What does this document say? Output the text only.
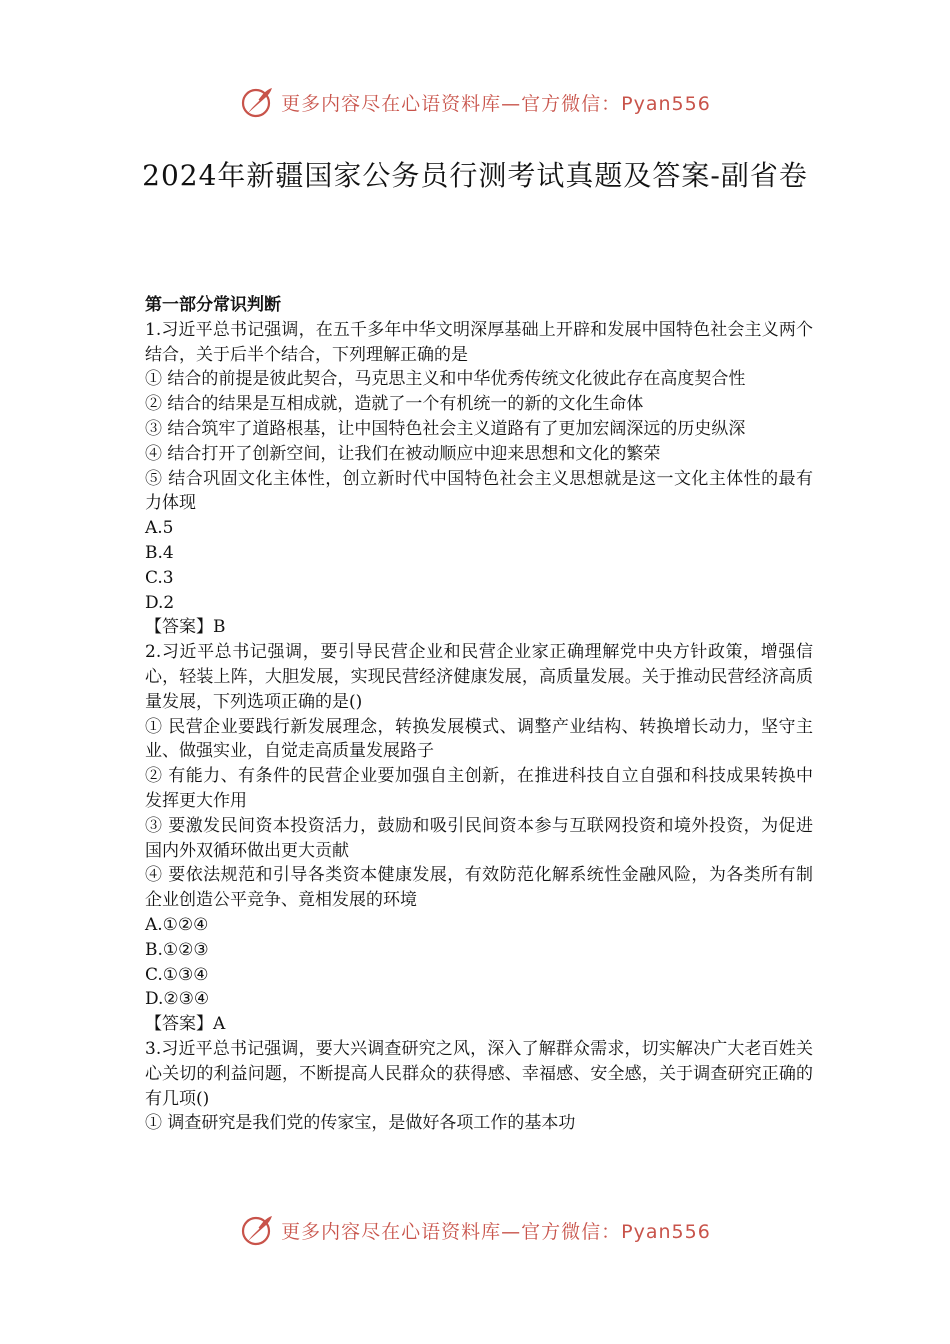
更多内容尽在心语资料库—官方微信：Pyan556
2024年新疆国家公务员行测考试真题及答案-副省卷

第一部分常识判断

1.习近平总书记强调，在五千多年中华文明深厚基础上开辟和发展中国特色社会主义两个结合，关于后半个结合，下列理解正确的是

① 结合的前提是彼此契合，马克思主义和中华优秀传统文化彼此存在高度契合性

② 结合的结果是互相成就，造就了一个有机统一的新的文化生命体

③ 结合筑牢了道路根基，让中国特色社会主义道路有了更加宏阔深远的历史纵深

④ 结合打开了创新空间，让我们在被动顺应中迎来思想和文化的繁荣

⑤ 结合巩固文化主体性，创立新时代中国特色社会主义思想就是这一文化主体性的最有力体现

A.5

B.4

C.3

D.2

【答案】B

2.习近平总书记强调，要引导民营企业和民营企业家正确理解党中央方针政策，增强信心，轻装上阵，大胆发展，实现民营经济健康发展，高质量发展。关于推动民营经济高质量发展，下列选项正确的是()

① 民营企业要践行新发展理念，转换发展模式、调整产业结构、转换增长动力，坚守主业、做强实业，自觉走高质量发展路子

② 有能力、有条件的民营企业要加强自主创新，在推进科技自立自强和科技成果转换中发挥更大作用

③ 要激发民间资本投资活力，鼓励和吸引民间资本参与互联网投资和境外投资，为促进国内外双循环做出更大贡献

④ 要依法规范和引导各类资本健康发展，有效防范化解系统性金融风险，为各类所有制企业创造公平竞争、竟相发展的环境

A.①②④

B.①②③

C.①③④

D.②③④

【答案】A

3.习近平总书记强调，要大兴调查研究之风，深入了解群众需求，切实解决广大老百姓关心关切的利益问题，不断提高人民群众的获得感、幸福感、安全感，关于调查研究正确的有几项()

① 调查研究是我们党的传家宝，是做好各项工作的基本功

更多内容尽在心语资料库—官方微信：Pyan556
